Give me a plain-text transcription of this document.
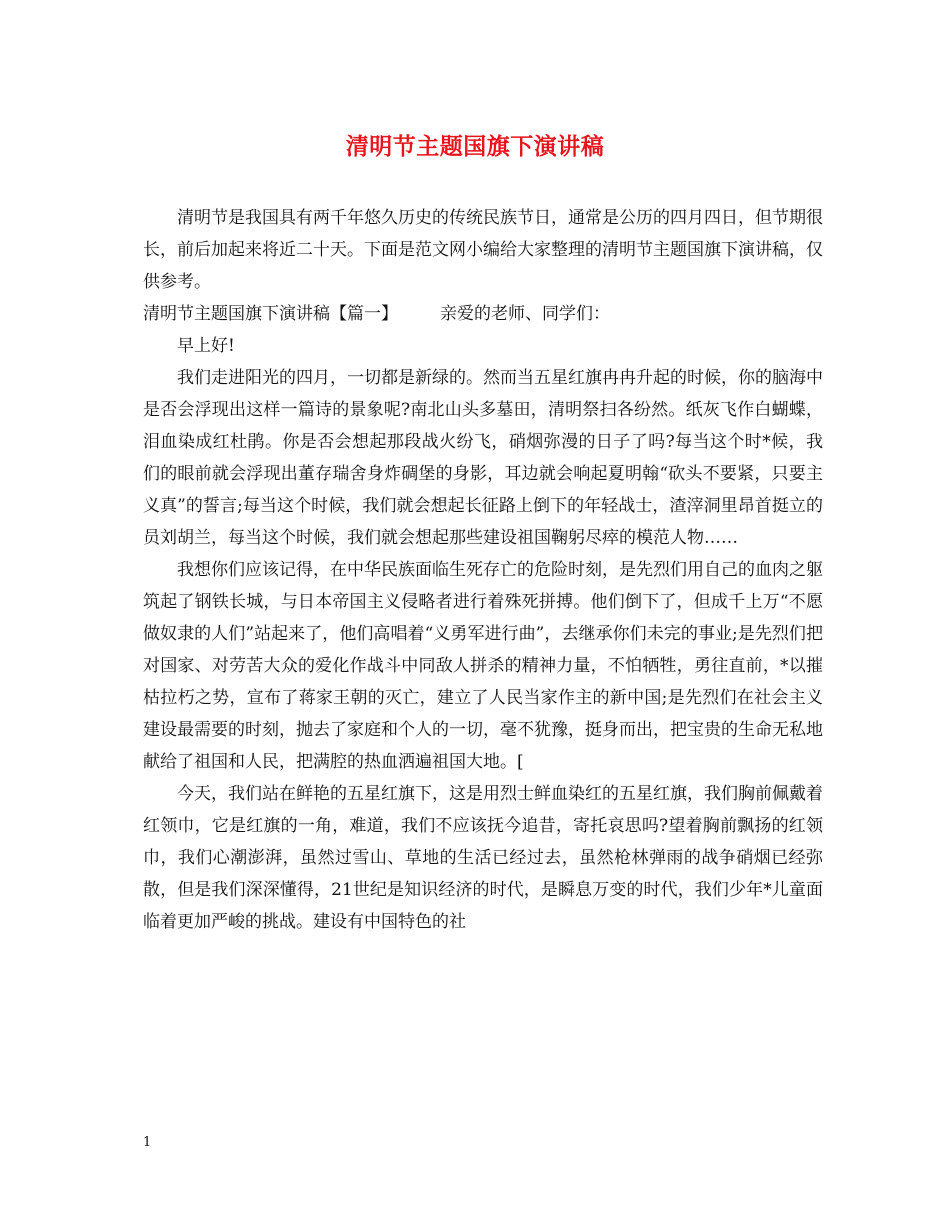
清明节主题国旗下演讲稿

清明节是我国具有两千年悠久历史的传统民族节日，通常是公历的四月四日，但节期很长，前后加起来将近二十天。下面是范文网小编给大家整理的清明节主题国旗下演讲稿，仅供参考。

清明节主题国旗下演讲稿【篇一】 亲爱的老师、同学们：

早上好!

我们走进阳光的四月，一切都是新绿的。然而当五星红旗冉冉升起的时候，你的脑海中是否会浮现出这样一篇诗的景象呢?南北山头多墓田，清明祭扫各纷然。纸灰飞作白蝴蝶，泪血染成红杜鹃。你是否会想起那段战火纷飞，硝烟弥漫的日子了吗?每当这个时*候，我们的眼前就会浮现出董存瑞舍身炸碉堡的身影，耳边就会响起夏明翰“砍头不要紧，只要主义真”的誓言;每当这个时候，我们就会想起长征路上倒下的年轻战士，渣滓洞里昂首挺立的员刘胡兰，每当这个时候，我们就会想起那些建设祖国鞠躬尽瘁的模范人物……

我想你们应该记得，在中华民族面临生死存亡的危险时刻，是先烈们用自己的血肉之躯筑起了钢铁长城，与日本帝国主义侵略者进行着殊死拼搏。他们倒下了，但成千上万“不愿做奴隶的人们”站起来了，他们高唱着“义勇军进行曲”，去继承你们未完的事业;是先烈们把对国家、对劳苦大众的爱化作战斗中同敌人拼杀的精神力量，不怕牺牲，勇往直前，*以摧枯拉朽之势，宣布了蒋家王朝的灭亡，建立了人民当家作主的新中国;是先烈们在社会主义建设最需要的时刻，抛去了家庭和个人的一切，毫不犹豫，挺身而出，把宝贵的生命无私地献给了祖国和人民，把满腔的热血洒遍祖国大地。[

今天，我们站在鲜艳的五星红旗下，这是用烈士鲜血染红的五星红旗，我们胸前佩戴着红领巾，它是红旗的一角，难道，我们不应该抚今追昔，寄托哀思吗?望着胸前飘扬的红领巾，我们心潮澎湃，虽然过雪山、草地的生活已经过去，虽然枪林弹雨的战争硝烟已经弥散，但是我们深深懂得，21世纪是知识经济的时代，是瞬息万变的时代，我们少年*儿童面临着更加严峻的挑战。建设有中国特色的社

1
